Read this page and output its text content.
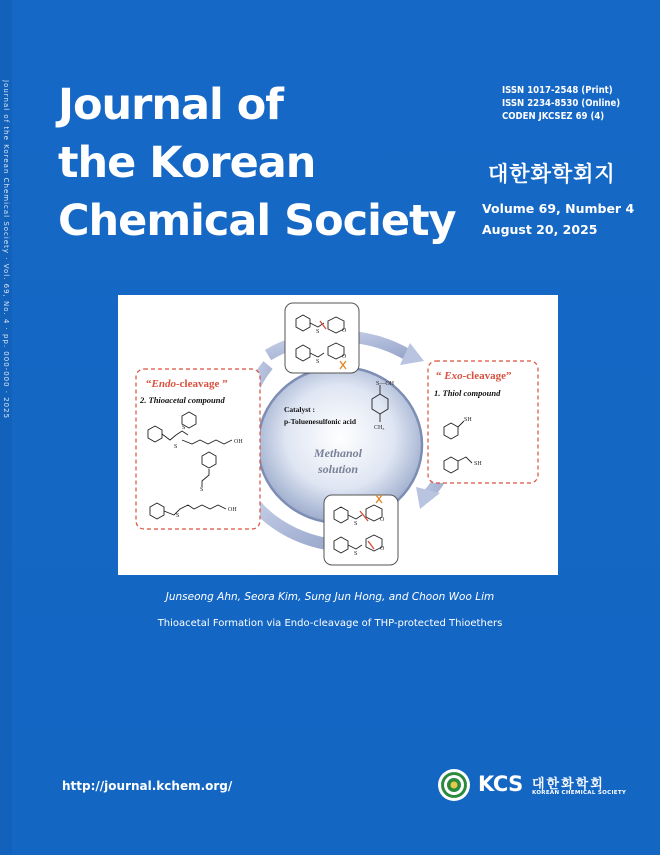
Journal of the Korean Chemical Society · Vol. 69, No. 4 · pp. 000-000 · 2025 Journal of
the Korean
Chemical Society
ISSN 1017-2548 (Print)
ISSN 2234-8530 (Online)
CODEN JKCSEZ 69 (4)
대한화학회지
Volume 69, Number 4
August 20, 2025
Methanol
solution
Catalyst :
p-Toluenesulfonic acid
S—OH
CH₃
S	O
S
O
S
O
S
O
“Endo-cleavage ”
2. Thioacetal compound
S
S
OH
S
S
OH
“ Exo-cleavage”
1. Thiol compound
SH
SH
Junseong Ahn, Seora Kim, Sung Jun Hong, and Choon Woo Lim
Thioacetal Formation via Endo-cleavage of THP-protected Thioethers
http://journal.kchem.org/	KCS 대한화학회
KOREAN CHEMICAL SOCIETY
